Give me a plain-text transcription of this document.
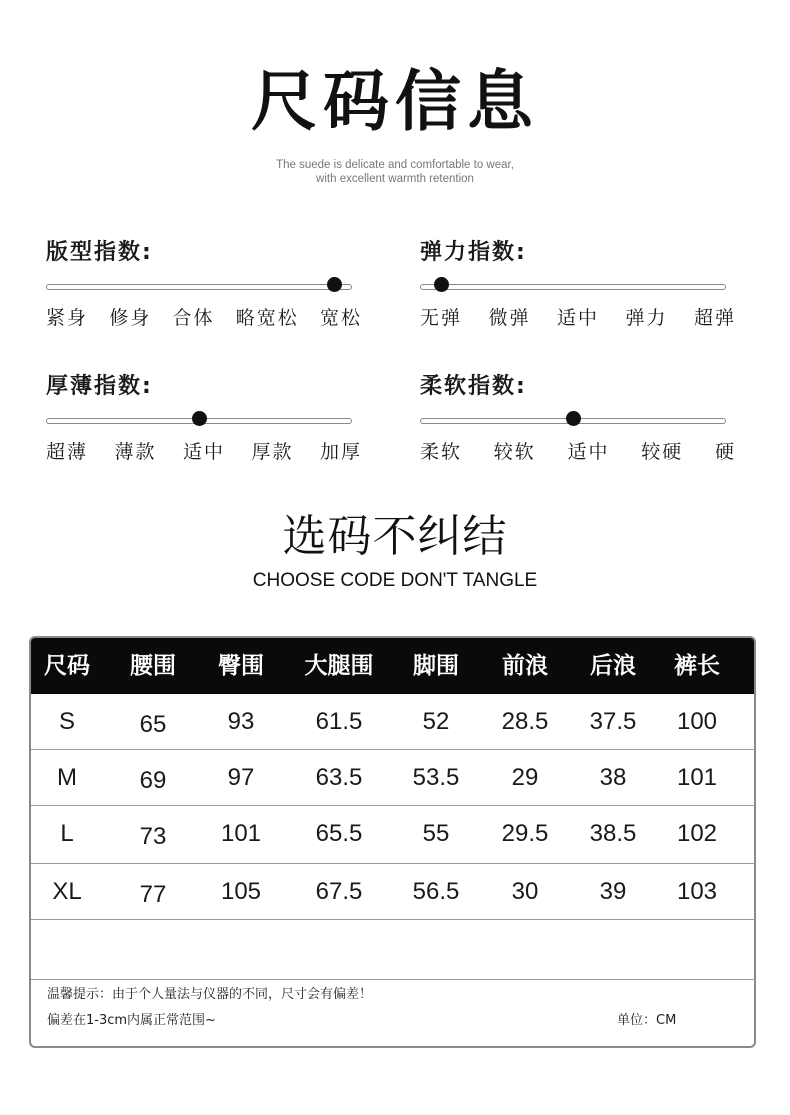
尺码信息
The suede is delicate and comfortable to wear,
with excellent warmth retention
版型指数:
紧身 修身 合体 略宽松 宽松
弹力指数:
无弹 微弹 适中 弹力 超弹
厚薄指数:
超薄 薄款 适中 厚款 加厚
柔软指数:
柔软 较软 适中 较硬 硬
选码不纠结
CHOOSE CODE DON'T TANGLE
尺码 腰围 臀围 大腿围 脚围 前浪 后浪 裤长
S	65	93	61.5	52 28.5 37.5 100
M	69	97	63.5 53.5 29	38 101
L	73 101 65.5	55 29.5 38.5 102
XL 77 105 67.5 56.5 30	39 103
温馨提示：由于个人量法与仪器的不同，尺寸会有偏差！
偏差在1-3cm内属正常范围~	单位：CM
